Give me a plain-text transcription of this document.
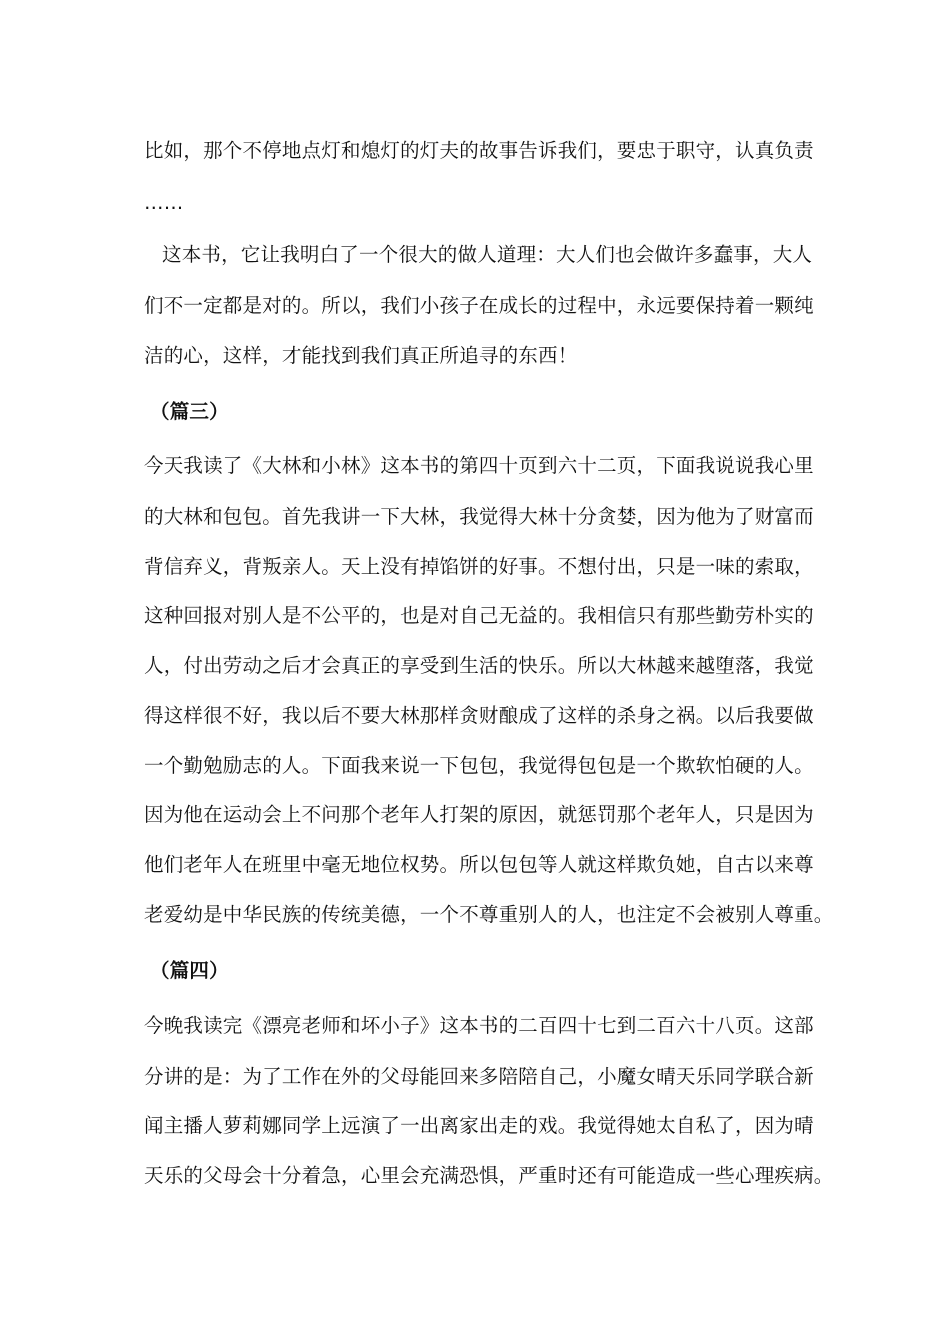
比如，那个不停地点灯和熄灯的灯夫的故事告诉我们，要忠于职守，认真负责
……
这本书，它让我明白了一个很大的做人道理：大人们也会做许多蠢事，大人
们不一定都是对的。所以，我们小孩子在成长的过程中，永远要保持着一颗纯
洁的心，这样，才能找到我们真正所追寻的东西！
（篇三）
今天我读了《大林和小林》这本书的第四十页到六十二页，下面我说说我心里
的大林和包包。首先我讲一下大林，我觉得大林十分贪婪，因为他为了财富而
背信弃义，背叛亲人。天上没有掉馅饼的好事。不想付出，只是一味的索取，
这种回报对别人是不公平的，也是对自己无益的。我相信只有那些勤劳朴实的
人，付出劳动之后才会真正的享受到生活的快乐。所以大林越来越堕落，我觉
得这样很不好，我以后不要大林那样贪财酿成了这样的杀身之祸。以后我要做
一个勤勉励志的人。下面我来说一下包包，我觉得包包是一个欺软怕硬的人。
因为他在运动会上不问那个老年人打架的原因，就惩罚那个老年人，只是因为
他们老年人在班里中毫无地位权势。所以包包等人就这样欺负她，自古以来尊
老爱幼是中华民族的传统美德，一个不尊重别人的人，也注定不会被别人尊重。
（篇四）
今晚我读完《漂亮老师和坏小子》这本书的二百四十七到二百六十八页。这部
分讲的是：为了工作在外的父母能回来多陪陪自己，小魔女晴天乐同学联合新
闻主播人萝莉娜同学上远演了一出离家出走的戏。我觉得她太自私了，因为晴
天乐的父母会十分着急，心里会充满恐惧，严重时还有可能造成一些心理疾病。
